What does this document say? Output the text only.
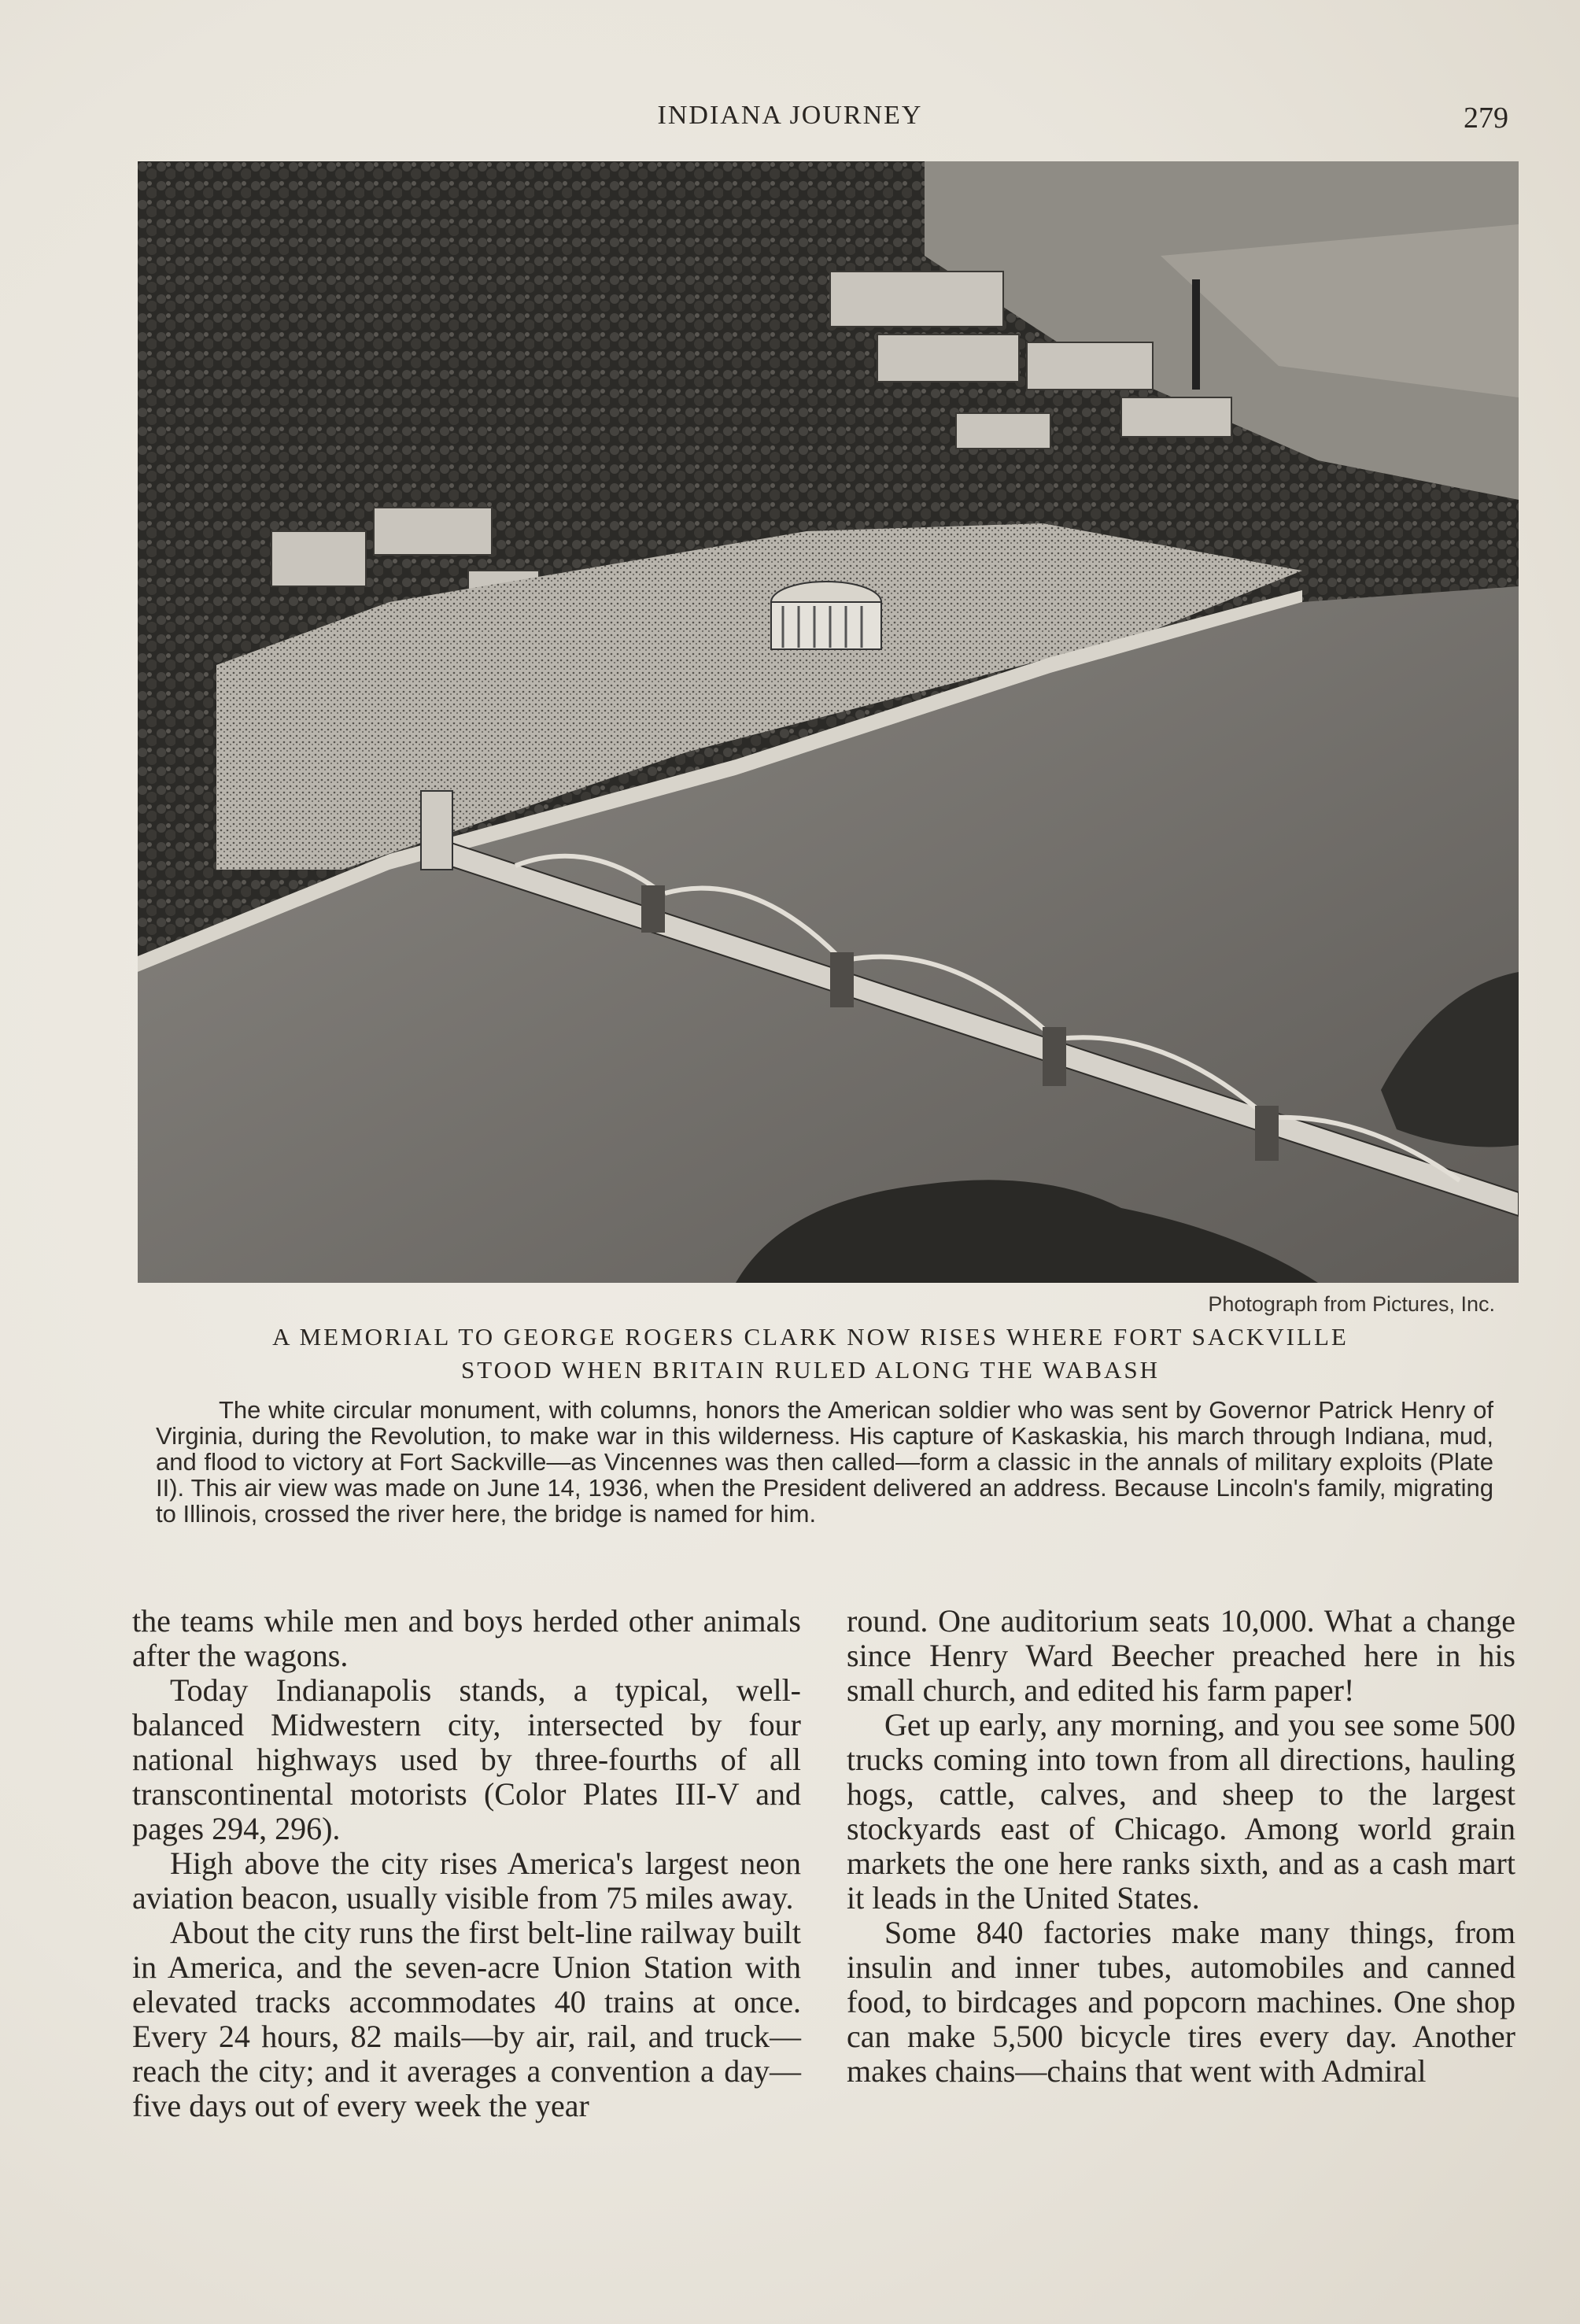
INDIANA JOURNEY	279
Photograph from Pictures, Inc.
A MEMORIAL TO GEORGE ROGERS CLARK NOW RISES WHERE FORT SACKVILLE
STOOD WHEN BRITAIN RULED ALONG THE WABASH
The white circular monument, with columns, honors the American soldier who was sent by Governor Patrick Henry of Virginia, during the Revolution, to make war in this wilderness. His capture of Kaskaskia, his march through Indiana, mud, and flood to victory at Fort Sackville—as Vincennes was then called—form a classic in the annals of military exploits (Plate II). This air view was made on June 14, 1936, when the President delivered an address. Because Lincoln's family, migrating to Illinois, crossed the river here, the bridge is named for him.

the teams while men and boys herded other animals after the wagons.

Today Indianapolis stands, a typical, well-balanced Midwestern city, intersected by four national highways used by three-fourths of all transcontinental motorists (Color Plates III-V and pages 294, 296).

High above the city rises America's largest neon aviation beacon, usually visible from 75 miles away.

About the city runs the first belt-line railway built in America, and the seven-acre Union Station with elevated tracks accommodates 40 trains at once. Every 24 hours, 82 mails—by air, rail, and truck—reach the city; and it averages a convention a day—five days out of every week the year

round. One auditorium seats 10,000. What a change since Henry Ward Beecher preached here in his small church, and edited his farm paper!

Get up early, any morning, and you see some 500 trucks coming into town from all directions, hauling hogs, cattle, calves, and sheep to the largest stockyards east of Chicago. Among world grain markets the one here ranks sixth, and as a cash mart it leads in the United States.

Some 840 factories make many things, from insulin and inner tubes, automobiles and canned food, to birdcages and popcorn machines. One shop can make 5,500 bicycle tires every day. Another makes chains—chains that went with Admiral
